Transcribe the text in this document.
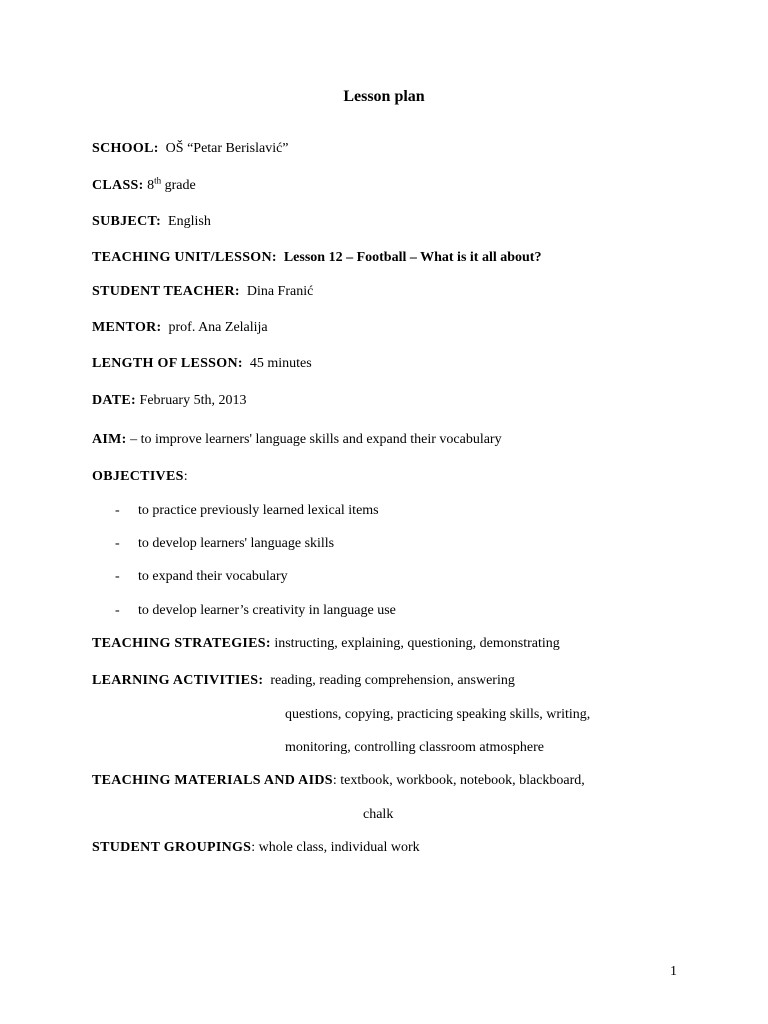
Lesson plan
SCHOOL: OŠ “Petar Berislavić”
CLASS: 8th grade
SUBJECT: English
TEACHING UNIT/LESSON: Lesson 12 – Football – What is it all about?
STUDENT TEACHER: Dina Franić
MENTOR: prof. Ana Zelalija
LENGTH OF LESSON: 45 minutes
DATE: February 5th, 2013
AIM: – to improve learners' language skills and expand their vocabulary
OBJECTIVES:
- to practice previously learned lexical items
- to develop learners' language skills
- to expand their vocabulary
- to develop learner’s creativity in language use
TEACHING STRATEGIES: instructing, explaining, questioning, demonstrating
LEARNING ACTIVITIES: reading, reading comprehension, answering
questions, copying, practicing speaking skills, writing,
monitoring, controlling classroom atmosphere
TEACHING MATERIALS AND AIDS: textbook, workbook, notebook, blackboard,
chalk
STUDENT GROUPINGS: whole class, individual work
1
